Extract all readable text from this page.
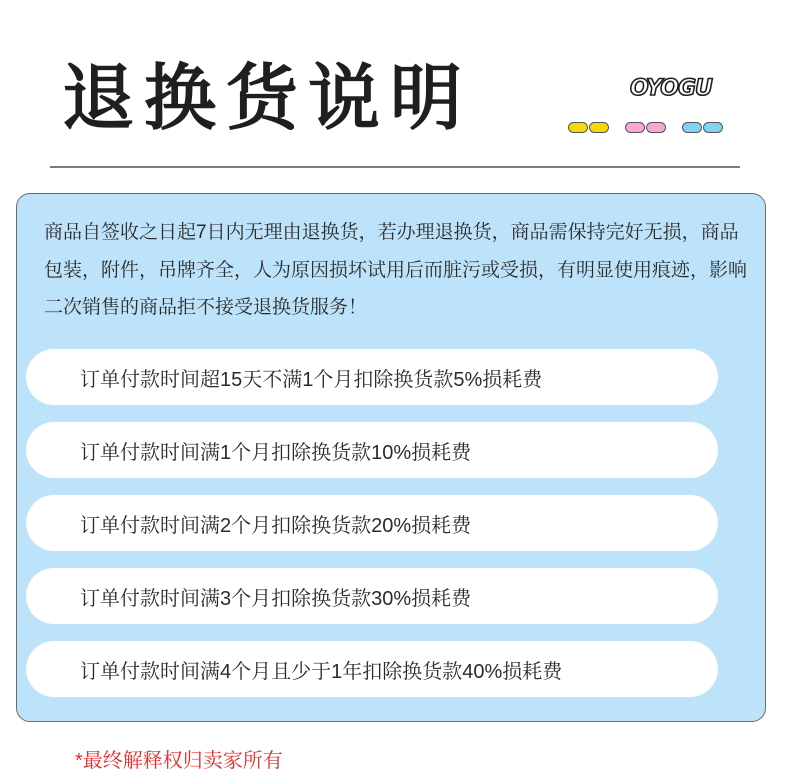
退换货说明	OYOGU

商品自签收之日起7日内无理由退换货，若办理退换货，商品需保持完好无损，商品包装，附件，吊牌齐全，人为原因损坏试用后而脏污或受损，有明显使用痕迹，影响二次销售的商品拒不接受退换货服务！

订单付款时间超15天不满1个月扣除换货款5%损耗费
订单付款时间满1个月扣除换货款10%损耗费
订单付款时间满2个月扣除换货款20%损耗费
订单付款时间满3个月扣除换货款30%损耗费
订单付款时间满4个月且少于1年扣除换货款40%损耗费
*最终解释权归卖家所有
